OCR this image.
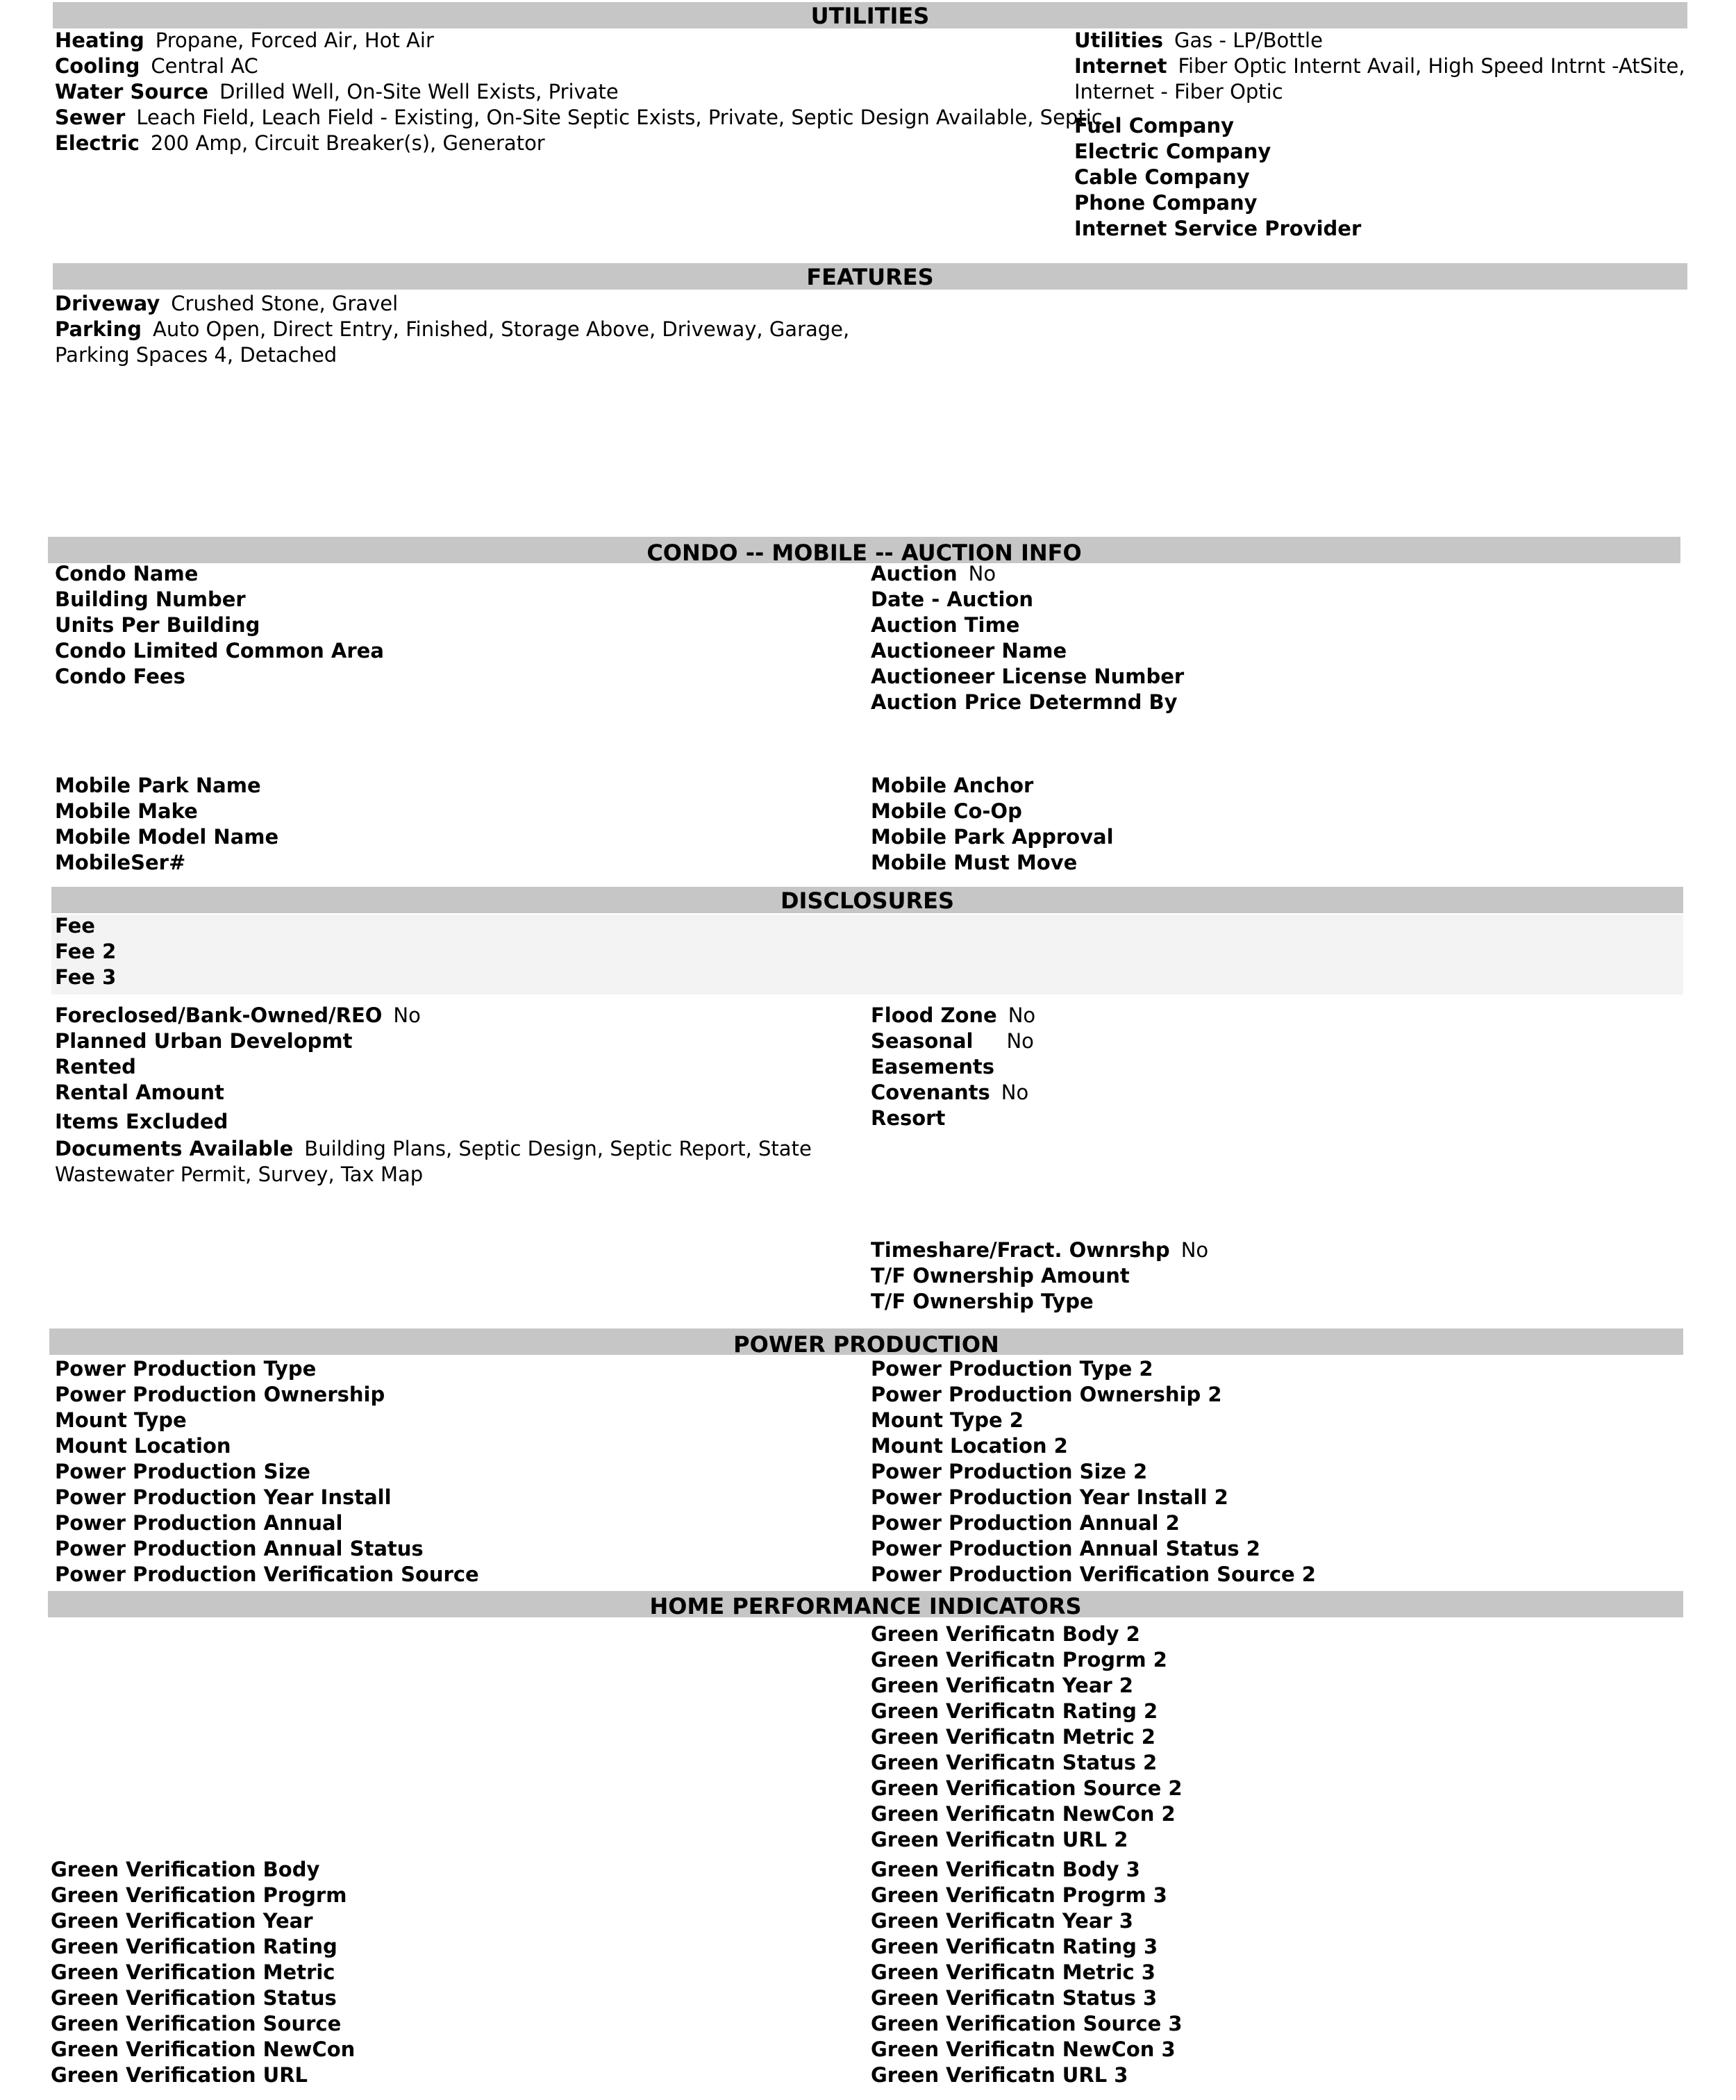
UTILITIES
Heating Propane, Forced Air, Hot Air
Cooling Central AC
Water Source Drilled Well, On-Site Well Exists, Private
Sewer Leach Field, Leach Field - Existing, On-Site Septic Exists, Private, Septic Design Available, Septic
Electric 200 Amp, Circuit Breaker(s), Generator
Utilities Gas - LP/Bottle
Internet Fiber Optic Internt Avail, High Speed Intrnt -AtSite,
Internet - Fiber Optic
Fuel Company
Electric Company
Cable Company
Phone Company
Internet Service Provider
FEATURES
Driveway Crushed Stone, Gravel
Parking Auto Open, Direct Entry, Finished, Storage Above, Driveway, Garage,
Parking Spaces 4, Detached
CONDO -- MOBILE -- AUCTION INFO
Condo Name
Building Number
Units Per Building
Condo Limited Common Area
Condo Fees
Auction No
Date - Auction
Auction Time
Auctioneer Name
Auctioneer License Number
Auction Price Determnd By
Mobile Park Name
Mobile Make
Mobile Model Name
MobileSer#
Mobile Anchor
Mobile Co-Op
Mobile Park Approval
Mobile Must Move
DISCLOSURES
Fee
Fee 2
Fee 3
Foreclosed/Bank-Owned/REO No
Planned Urban Developmt
Rented
Rental Amount
Items Excluded
Documents Available Building Plans, Septic Design, Septic Report, State
Wastewater Permit, Survey, Tax Map
Flood Zone No
Seasonal No
Easements
Covenants No
Resort
Timeshare/Fract. Ownrshp No
T/F Ownership Amount
T/F Ownership Type
POWER PRODUCTION
Power Production Type
Power Production Ownership
Mount Type
Mount Location
Power Production Size
Power Production Year Install
Power Production Annual
Power Production Annual Status
Power Production Verification Source
Power Production Type 2
Power Production Ownership 2
Mount Type 2
Mount Location 2
Power Production Size 2
Power Production Year Install 2
Power Production Annual 2
Power Production Annual Status 2
Power Production Verification Source 2
HOME PERFORMANCE INDICATORS
Green Verificatn Body 2
Green Verificatn Progrm 2
Green Verificatn Year 2
Green Verificatn Rating 2
Green Verificatn Metric 2
Green Verificatn Status 2
Green Verification Source 2
Green Verificatn NewCon 2
Green Verificatn URL 2
Green Verification Body
Green Verification Progrm
Green Verification Year
Green Verification Rating
Green Verification Metric
Green Verification Status
Green Verification Source
Green Verification NewCon
Green Verification URL
Green Verificatn Body 3
Green Verificatn Progrm 3
Green Verificatn Year 3
Green Verificatn Rating 3
Green Verificatn Metric 3
Green Verificatn Status 3
Green Verification Source 3
Green Verificatn NewCon 3
Green Verificatn URL 3
